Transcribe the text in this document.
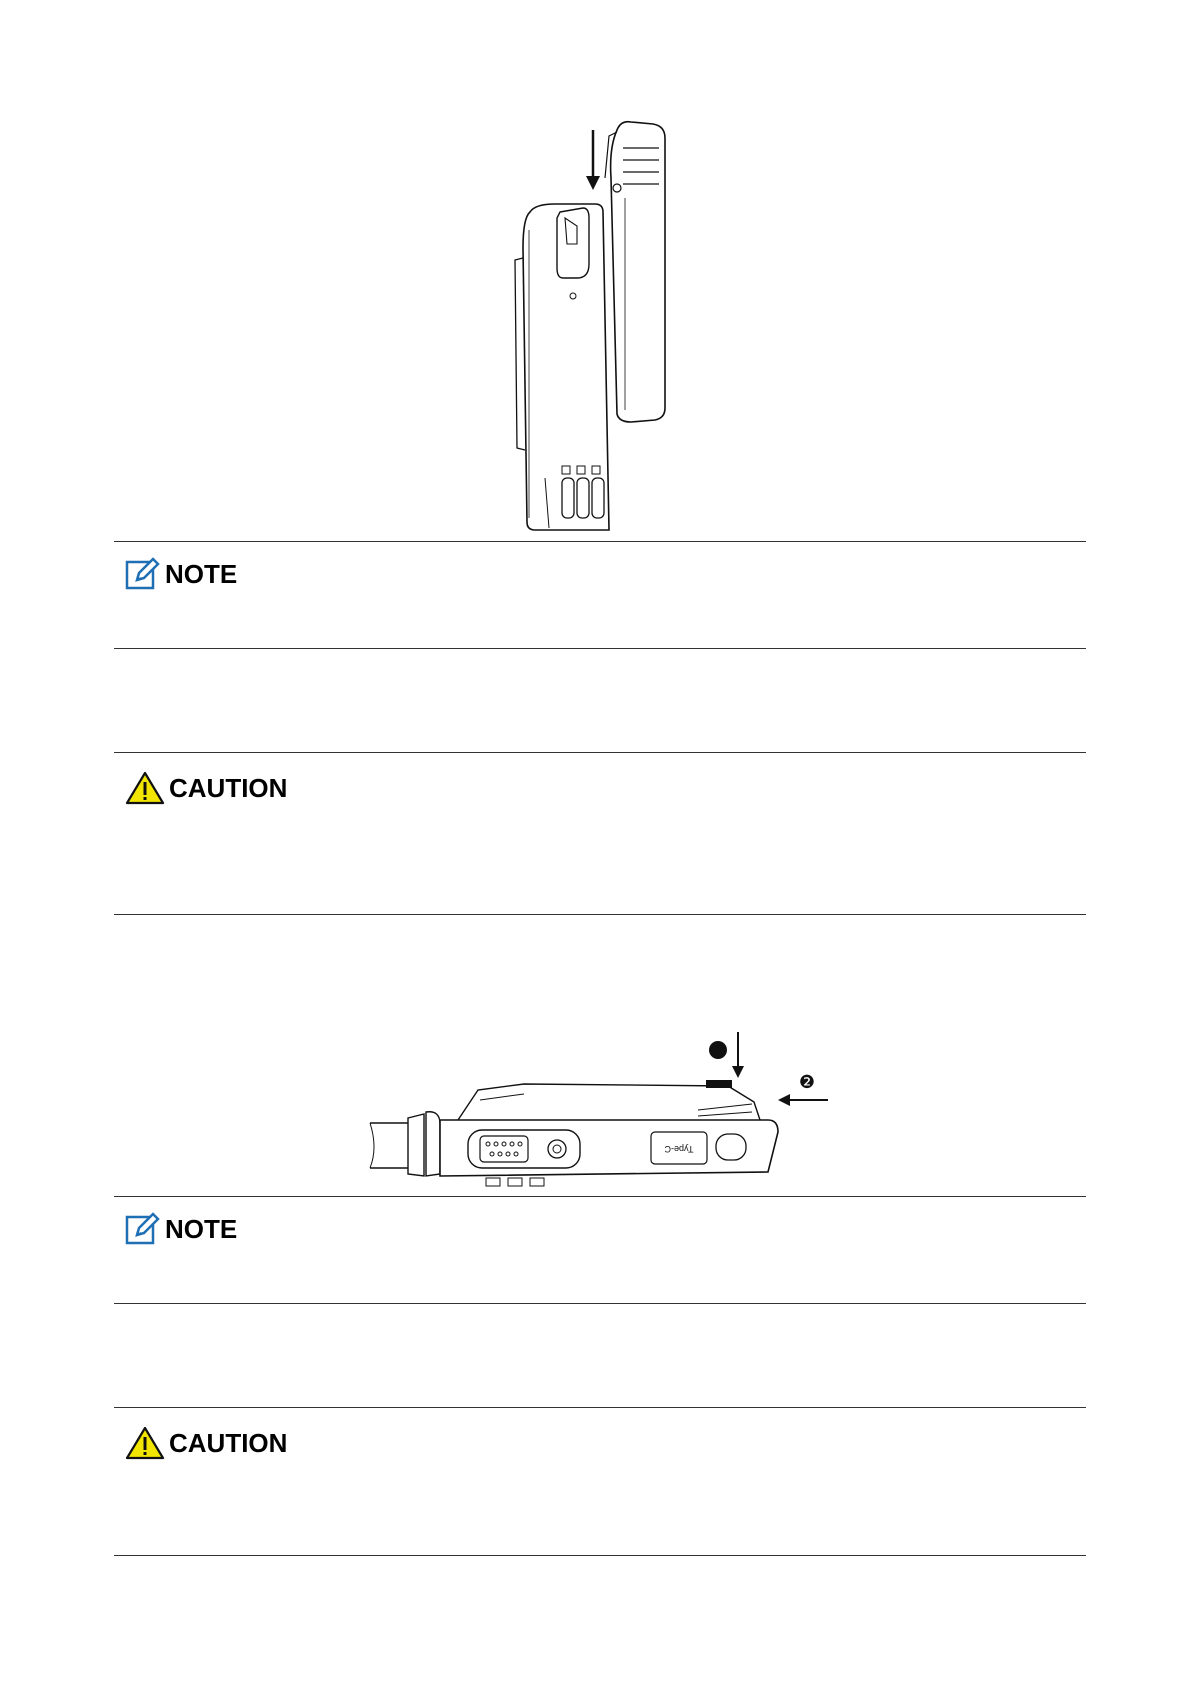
NOTE
CAUTION
Type-C
❶
❷
NOTE
CAUTION
